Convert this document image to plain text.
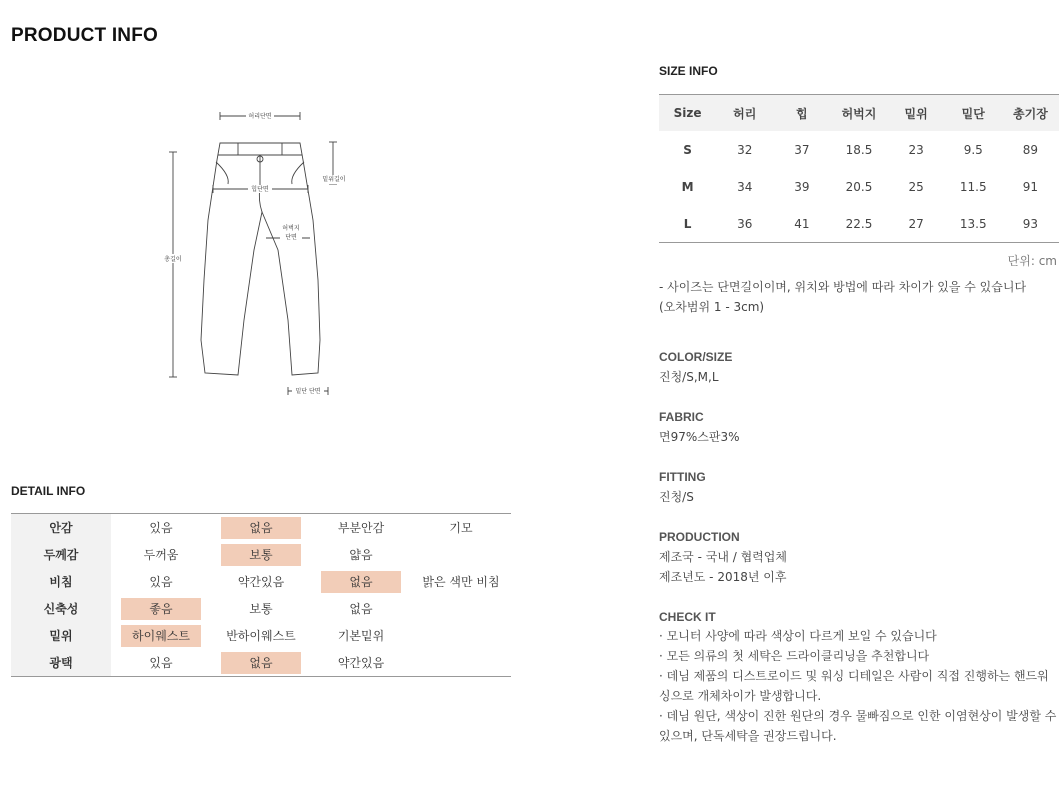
PRODUCT INFO
허리단면
힙단면
밑위길이
허벅지
단면
총길이
밑단 단면
DETAIL INFO
안감	있음	없음	부분안감	기모
두께감	두꺼움	보통	얇음
비침	있음	약간있음	없음	밝은 색만 비침
신축성	좋음	보통	없음
밑위	하이웨스트	반하이웨스트	기본밑위
광택	있음	없음	약간있음
SIZE INFO
Size	허리	힙	허벅지	밑위	밑단	총기장
S	32	37	18.5	23	9.5	89
M	34	39	20.5	25	11.5	91
L	36	41	22.5	27	13.5	93
단위: cm
- 사이즈는 단면길이이며, 위치와 방법에 따라 차이가 있을 수 있습니다
(오차범위 1 - 3cm)
COLOR/SIZE
진청/S,M,L
FABRIC
면97%스판3%
FITTING
진청/S
PRODUCTION
제조국 - 국내 / 협력업체
제조년도 - 2018년 이후
CHECK IT
· 모니터 사양에 따라 색상이 다르게 보일 수 있습니다
· 모든 의류의 첫 세탁은 드라이클리닝을 추천합니다
· 데님 제품의 디스트로이드 및 워싱 디테일은 사람이 직접 진행하는 핸드워싱으로 개체차이가 발생합니다.
· 데님 원단, 색상이 진한 원단의 경우 물빠짐으로 인한 이염현상이 발생할 수 있으며, 단독세탁을 권장드립니다.
